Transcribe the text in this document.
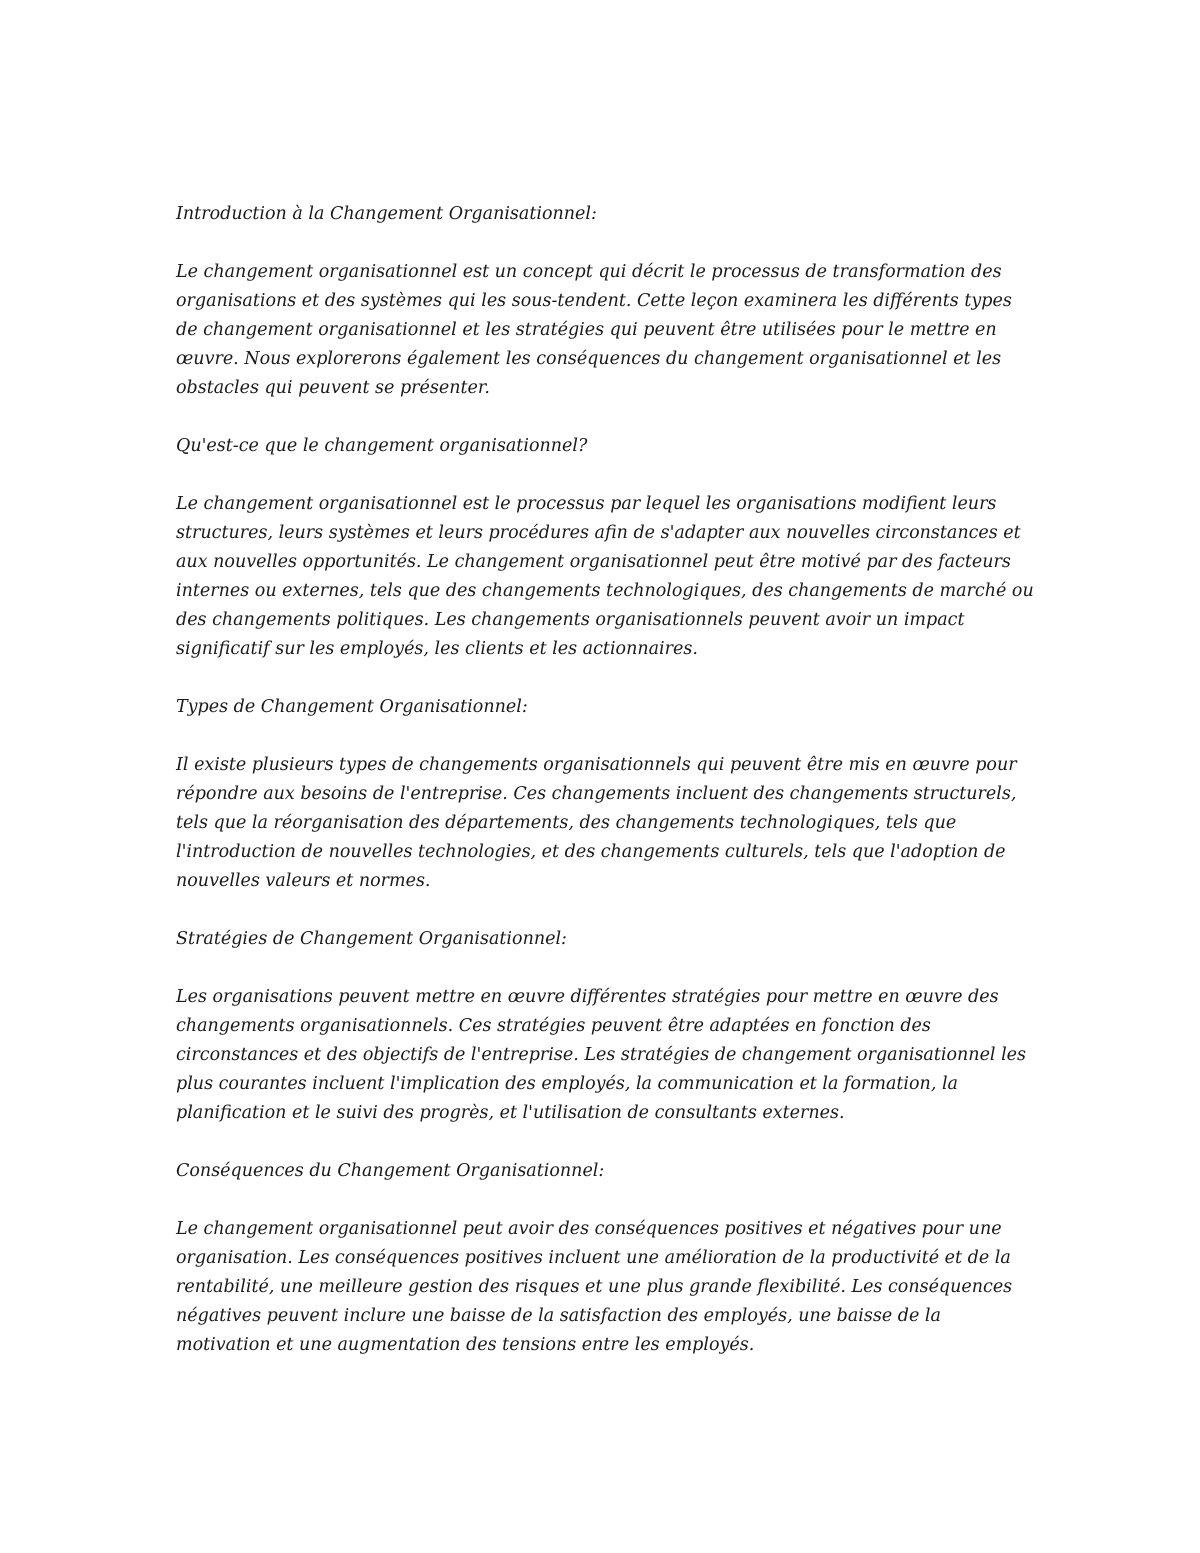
Introduction à la Changement Organisationnel:

Le changement organisationnel est un concept qui décrit le processus de transformation des organisations et des systèmes qui les sous-tendent. Cette leçon examinera les différents types de changement organisationnel et les stratégies qui peuvent être utilisées pour le mettre en œuvre. Nous explorerons également les conséquences du changement organisationnel et les obstacles qui peuvent se présenter.

Qu'est-ce que le changement organisationnel?

Le changement organisationnel est le processus par lequel les organisations modifient leurs structures, leurs systèmes et leurs procédures afin de s'adapter aux nouvelles circonstances et aux nouvelles opportunités. Le changement organisationnel peut être motivé par des facteurs internes ou externes, tels que des changements technologiques, des changements de marché ou des changements politiques. Les changements organisationnels peuvent avoir un impact significatif sur les employés, les clients et les actionnaires.

Types de Changement Organisationnel:

Il existe plusieurs types de changements organisationnels qui peuvent être mis en œuvre pour répondre aux besoins de l'entreprise. Ces changements incluent des changements structurels, tels que la réorganisation des départements, des changements technologiques, tels que l'introduction de nouvelles technologies, et des changements culturels, tels que l'adoption de nouvelles valeurs et normes.

Stratégies de Changement Organisationnel:

Les organisations peuvent mettre en œuvre différentes stratégies pour mettre en œuvre des changements organisationnels. Ces stratégies peuvent être adaptées en fonction des circonstances et des objectifs de l'entreprise. Les stratégies de changement organisationnel les plus courantes incluent l'implication des employés, la communication et la formation, la planification et le suivi des progrès, et l'utilisation de consultants externes.

Conséquences du Changement Organisationnel:

Le changement organisationnel peut avoir des conséquences positives et négatives pour une organisation. Les conséquences positives incluent une amélioration de la productivité et de la rentabilité, une meilleure gestion des risques et une plus grande flexibilité. Les conséquences négatives peuvent inclure une baisse de la satisfaction des employés, une baisse de la motivation et une augmentation des tensions entre les employés.
